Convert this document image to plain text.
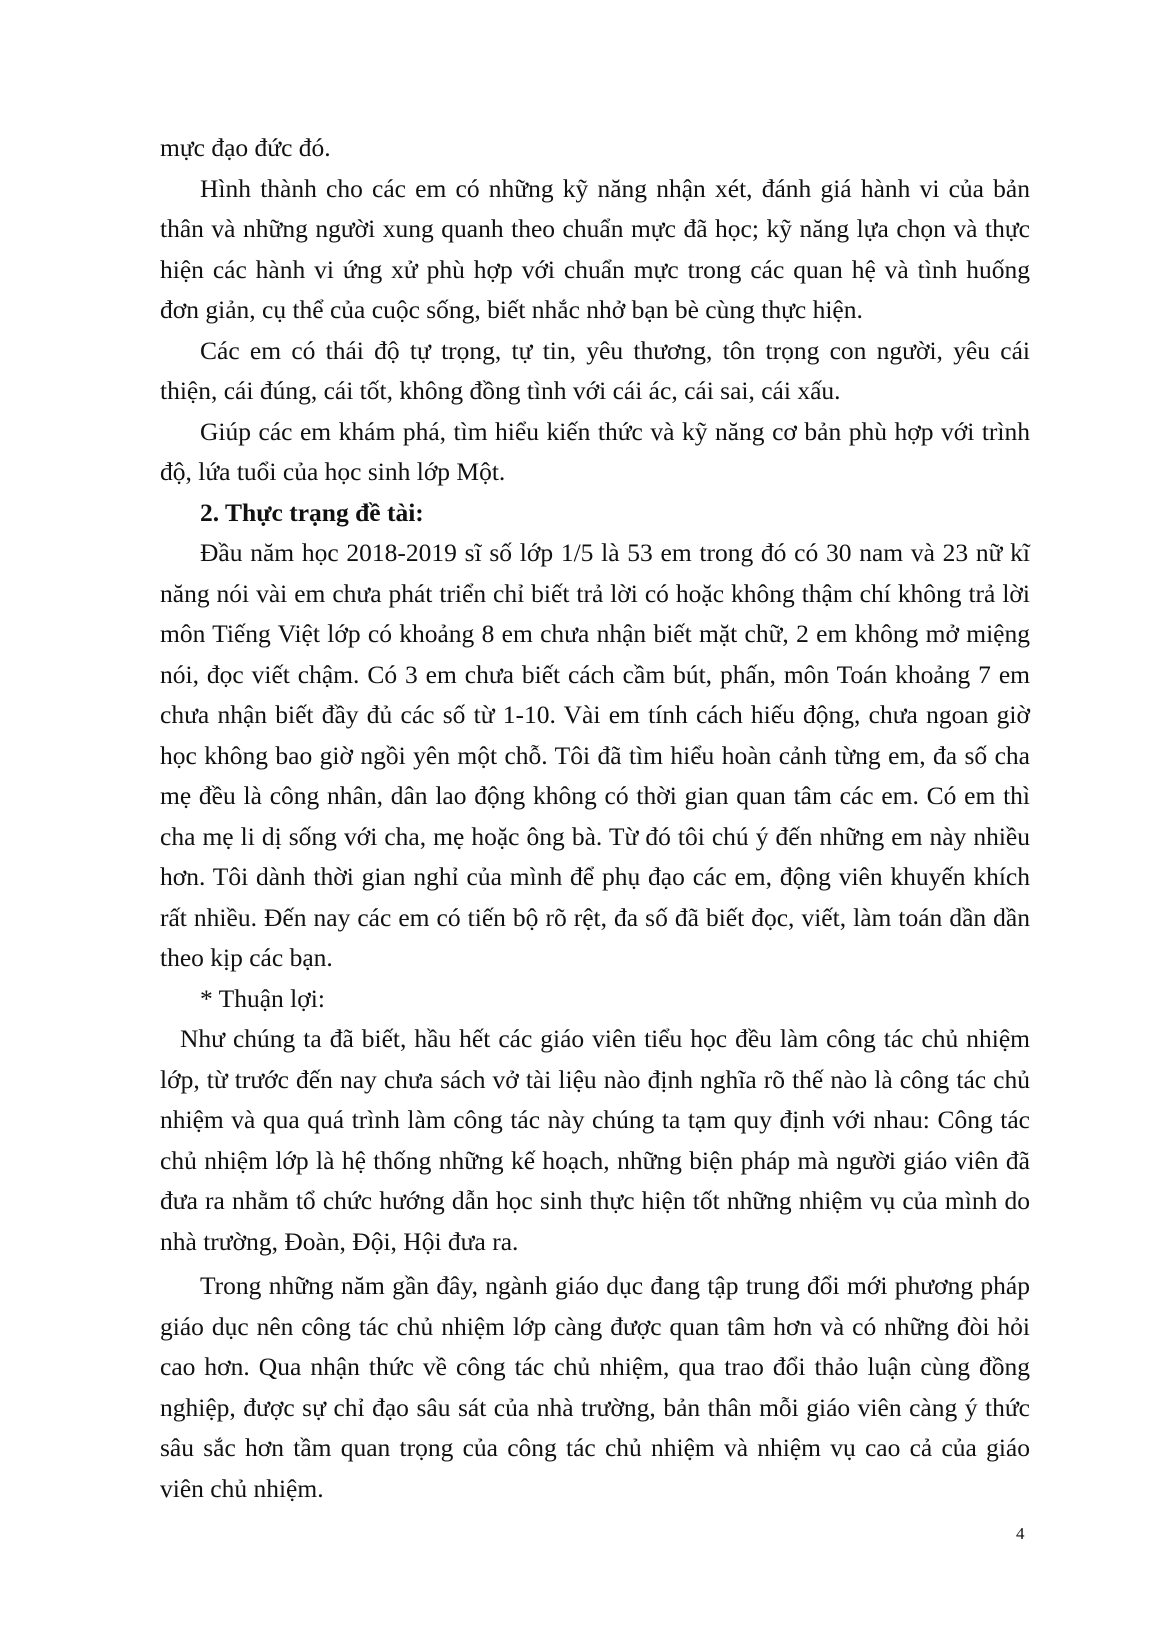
mực đạo đức đó.

Hình thành cho các em có những kỹ năng nhận xét, đánh giá hành vi của bản thân và những người xung quanh theo chuẩn mực đã học; kỹ năng lựa chọn và thực hiện các hành vi ứng xử phù hợp với chuẩn mực trong các quan hệ và tình huống đơn giản, cụ thể của cuộc sống, biết nhắc nhở bạn bè cùng thực hiện.

Các em có thái độ tự trọng, tự tin, yêu thương, tôn trọng con người, yêu cái thiện, cái đúng, cái tốt, không đồng tình với cái ác, cái sai, cái xấu.

Giúp các em khám phá, tìm hiểu kiến thức và kỹ năng cơ bản phù hợp với trình độ, lứa tuổi của học sinh lớp Một.

2. Thực trạng đề tài:

Đầu năm học 2018-2019 sĩ số lớp 1/5 là 53 em trong đó có 30 nam và 23 nữ kĩ năng nói vài em chưa phát triển chỉ biết trả lời có hoặc không thậm chí không trả lời môn Tiếng Việt lớp có khoảng 8 em chưa nhận biết mặt chữ, 2 em không mở miệng nói, đọc viết chậm. Có 3 em chưa biết cách cầm bút, phấn, môn Toán khoảng 7 em chưa nhận biết đầy đủ các số từ 1-10. Vài em tính cách hiếu động, chưa ngoan giờ học không bao giờ ngồi yên một chỗ. Tôi đã tìm hiểu hoàn cảnh từng em, đa số cha mẹ đều là công nhân, dân lao động không có thời gian quan tâm các em. Có em thì cha mẹ li dị sống với cha, mẹ hoặc ông bà. Từ đó tôi chú ý đến những em này nhiều hơn. Tôi dành thời gian nghỉ của mình để phụ đạo các em, động viên khuyến khích rất nhiều. Đến nay các em có tiến bộ rõ rệt, đa số đã biết đọc, viết, làm toán dần dần theo kịp các bạn.

* Thuận lợi:

Như chúng ta đã biết, hầu hết các giáo viên tiểu học đều làm công tác chủ nhiệm lớp, từ trước đến nay chưa sách vở tài liệu nào định nghĩa rõ thế nào là công tác chủ nhiệm và qua quá trình làm công tác này chúng ta tạm quy định với nhau: Công tác chủ nhiệm lớp là hệ thống những kế hoạch, những biện pháp mà người giáo viên đã đưa ra nhằm tổ chức hướng dẫn học sinh thực hiện tốt những nhiệm vụ của mình do nhà trường, Đoàn, Đội, Hội đưa ra.

Trong những năm gần đây, ngành giáo dục đang tập trung đổi mới phương pháp giáo dục nên công tác chủ nhiệm lớp càng được quan tâm hơn và có những đòi hỏi cao hơn. Qua nhận thức về công tác chủ nhiệm, qua trao đổi thảo luận cùng đồng nghiệp, được sự chỉ đạo sâu sát của nhà trường, bản thân mỗi giáo viên càng ý thức sâu sắc hơn tầm quan trọng của công tác chủ nhiệm và nhiệm vụ cao cả của giáo viên chủ nhiệm.

4
